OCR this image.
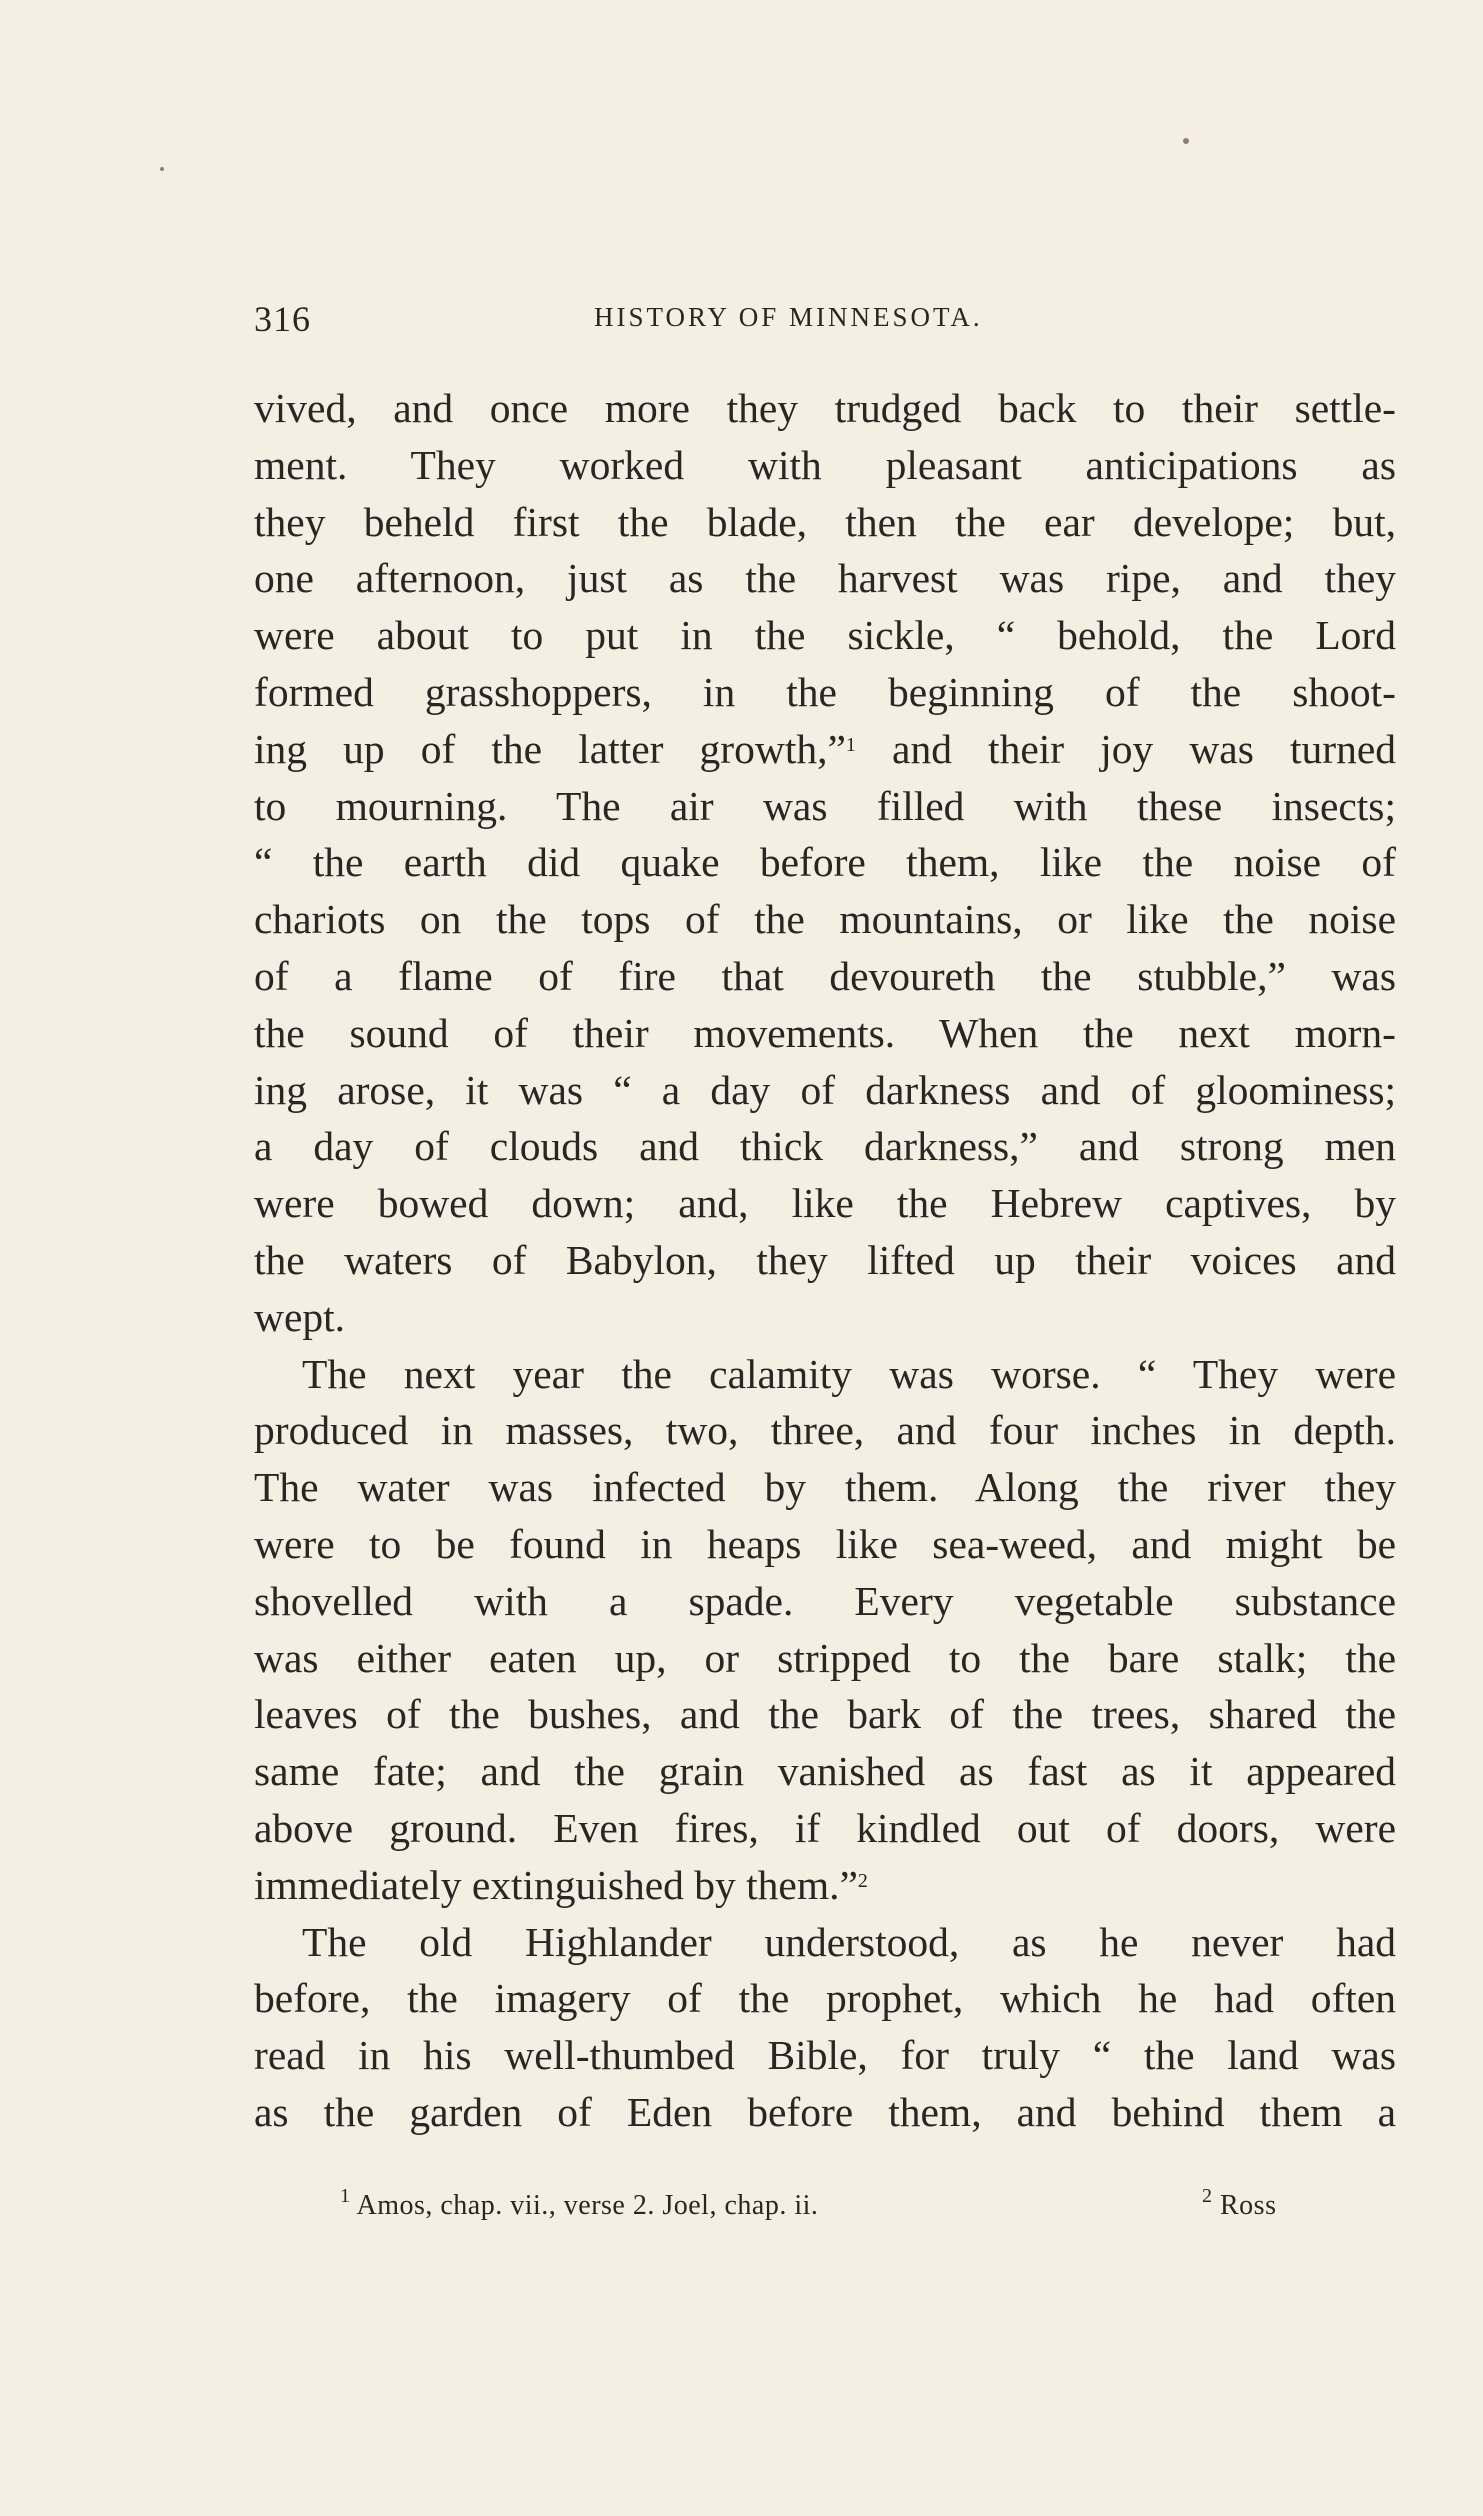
316	HISTORY OF MINNESOTA.
vived, and once more they trudged back to their settle-
ment. They worked with pleasant anticipations as
they beheld first the blade, then the ear develope; but,
one afternoon, just as the harvest was ripe, and they
were about to put in the sickle, “ behold, the Lord
formed grasshoppers, in the beginning of the shoot-
ing up of the latter growth,”$^1$ and their joy was turned
to mourning. The air was filled with these insects;
“ the earth did quake before them, like the noise of
chariots on the tops of the mountains, or like the noise
of a flame of fire that devoureth the stubble,” was
the sound of their movements. When the next morn-
ing arose, it was “ a day of darkness and of gloominess;
a day of clouds and thick darkness,” and strong men
were bowed down; and, like the Hebrew captives, by
the waters of Babylon, they lifted up their voices and
wept.
The next year the calamity was worse. “ They were
produced in masses, two, three, and four inches in depth.
The water was infected by them. Along the river they
were to be found in heaps like sea-weed, and might be
shovelled with a spade. Every vegetable substance
was either eaten up, or stripped to the bare stalk; the
leaves of the bushes, and the bark of the trees, shared the
same fate; and the grain vanished as fast as it appeared
above ground. Even fires, if kindled out of doors, were
immediately extinguished by them.”$^2$
The old Highlander understood, as he never had
before, the imagery of the prophet, which he had often
read in his well-thumbed Bible, for truly “ the land was
as the garden of Eden before them, and behind them a
$^1$ Amos, chap. vii., verse 2. Joel, chap. ii.	$^2$ Ross
